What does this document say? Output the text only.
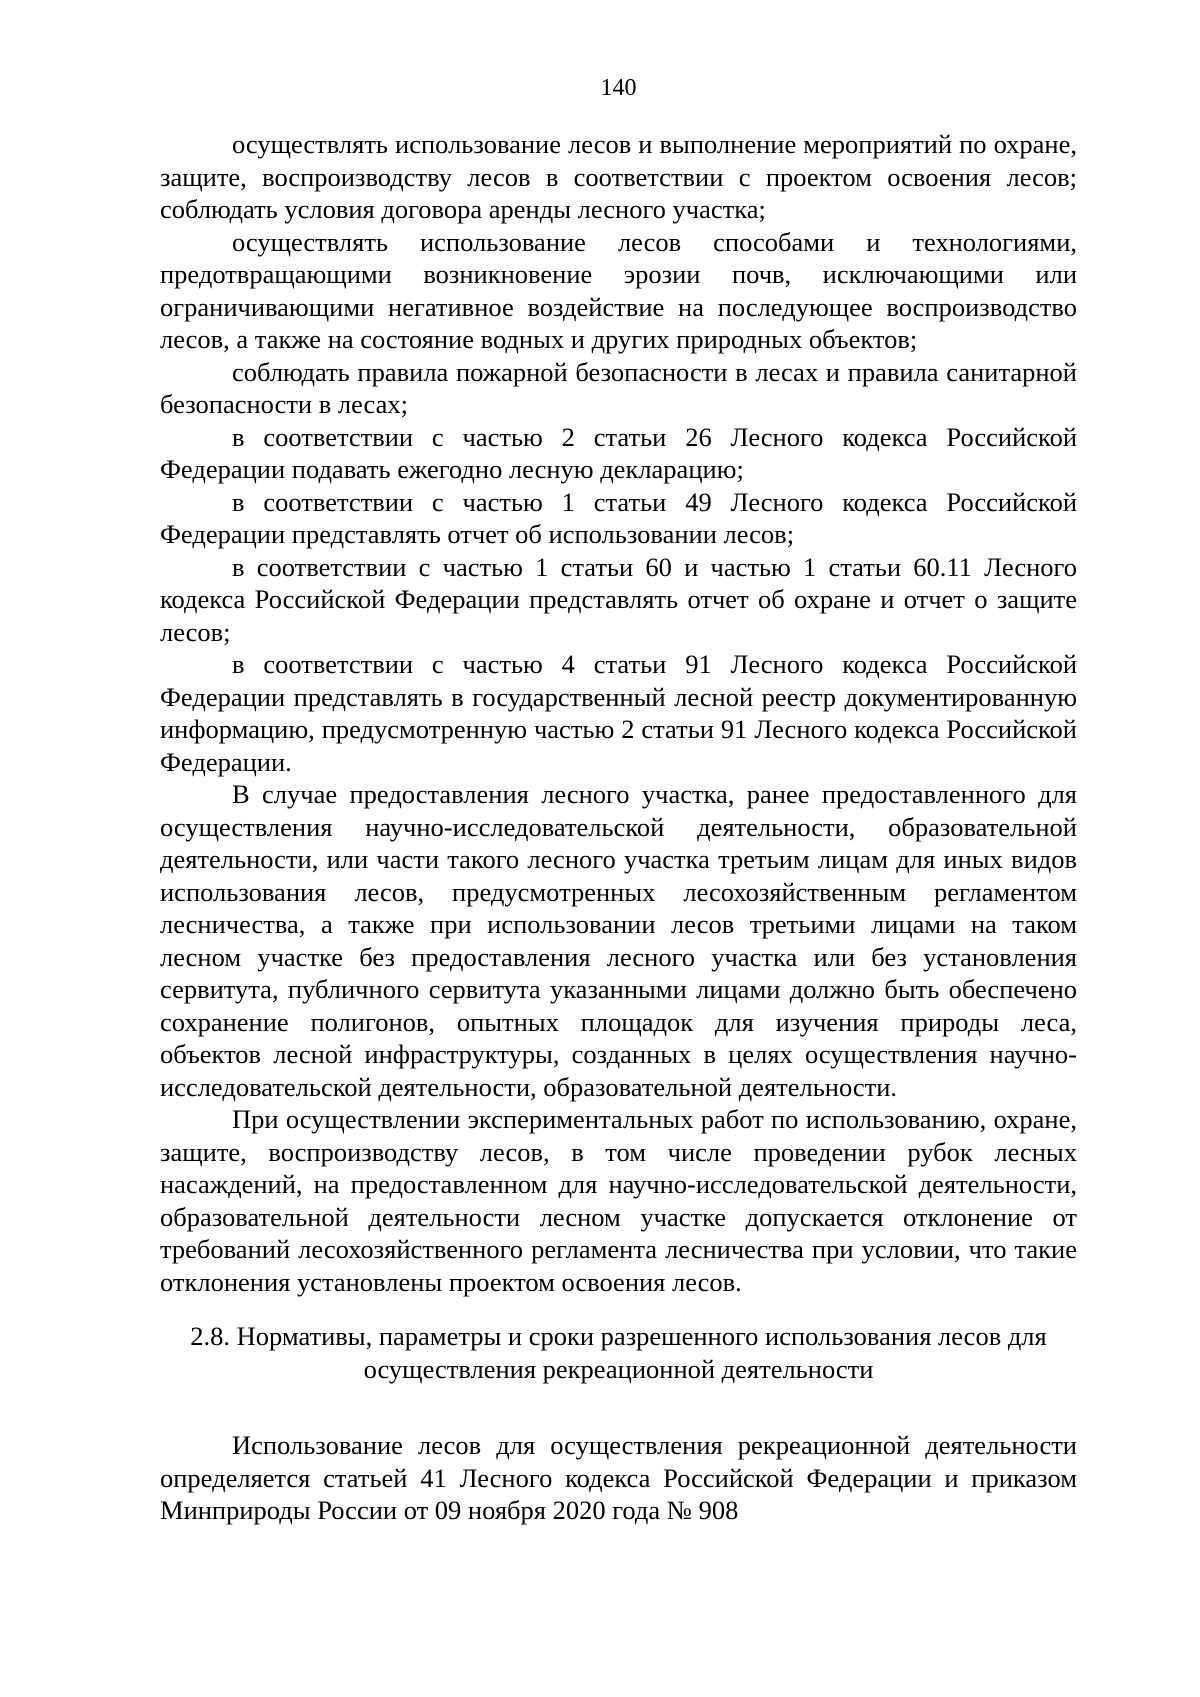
140

осуществлять использование лесов и выполнение мероприятий по охране, защите, воспроизводству лесов в соответствии с проектом освоения лесов; соблюдать условия договора аренды лесного участка;

осуществлять использование лесов способами и технологиями, предотвращающими возникновение эрозии почв, исключающими или ограничивающими негативное воздействие на последующее воспроизводство лесов, а также на состояние водных и других природных объектов;

соблюдать правила пожарной безопасности в лесах и правила санитарной безопасности в лесах;

в соответствии с частью 2 статьи 26 Лесного кодекса Российской Федерации подавать ежегодно лесную декларацию;

в соответствии с частью 1 статьи 49 Лесного кодекса Российской Федерации представлять отчет об использовании лесов;

в соответствии с частью 1 статьи 60 и частью 1 статьи 60.11 Лесного кодекса Российской Федерации представлять отчет об охране и отчет о защите лесов;

в соответствии с частью 4 статьи 91 Лесного кодекса Российской Федерации представлять в государственный лесной реестр документированную информацию, предусмотренную частью 2 статьи 91 Лесного кодекса Российской Федерации.

В случае предоставления лесного участка, ранее предоставленного для осуществления научно-исследовательской деятельности, образовательной деятельности, или части такого лесного участка третьим лицам для иных видов использования лесов, предусмотренных лесохозяйственным регламентом лесничества, а также при использовании лесов третьими лицами на таком лесном участке без предоставления лесного участка или без установления сервитута, публичного сервитута указанными лицами должно быть обеспечено сохранение полигонов, опытных площадок для изучения природы леса, объектов лесной инфраструктуры, созданных в целях осуществления научно-исследовательской деятельности, образовательной деятельности.

При осуществлении экспериментальных работ по использованию, охране, защите, воспроизводству лесов, в том числе проведении рубок лесных насаждений, на предоставленном для научно-исследовательской деятельности, образовательной деятельности лесном участке допускается отклонение от требований лесохозяйственного регламента лесничества при условии, что такие отклонения установлены проектом освоения лесов.

2.8. Нормативы, параметры и сроки разрешенного использования лесов для
осуществления рекреационной деятельности

Использование лесов для осуществления рекреационной деятельности определяется статьей 41 Лесного кодекса Российской Федерации и приказом Минприроды России от 09 ноября 2020 года № 908
